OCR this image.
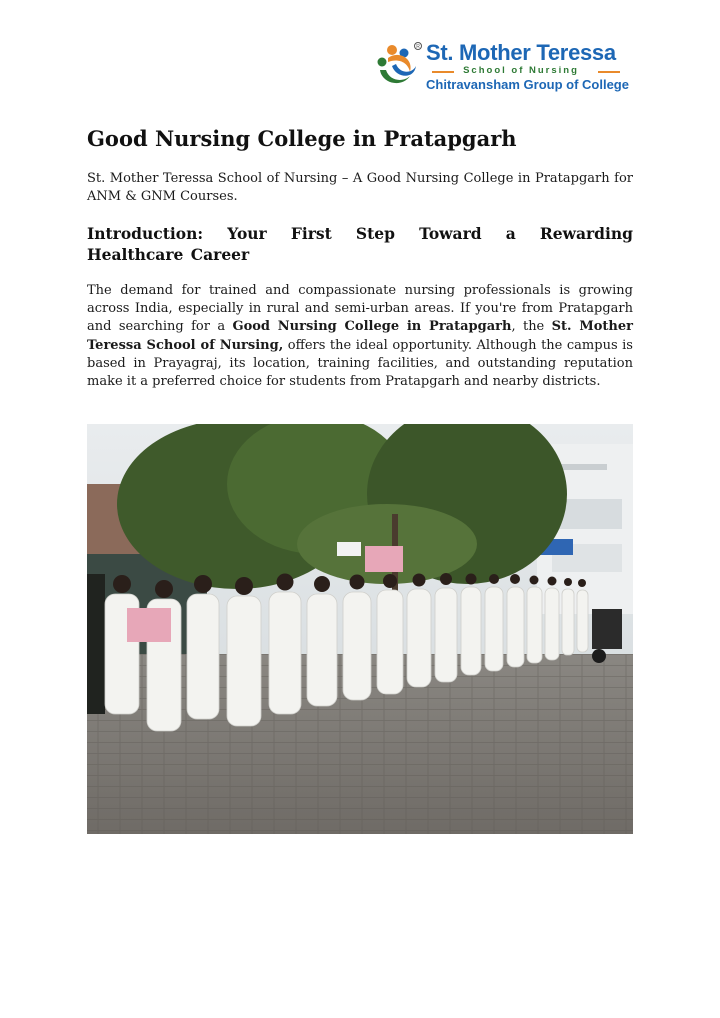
R St. Mother Teressa
School of Nursing
Chitravansham Group of College
Good Nursing College in Pratapgarh

St. Mother Teressa School of Nursing – A Good Nursing College in Pratapgarh for ANM & GNM Courses.

Introduction: Your First Step Toward a Rewarding Healthcare Career

The demand for trained and compassionate nursing professionals is growing across India, especially in rural and semi-urban areas. If you're from Pratapgarh and searching for a Good Nursing College in Pratapgarh, the St. Mother Teressa School of Nursing, offers the ideal opportunity. Although the campus is based in Prayagraj, its location, training facilities, and outstanding reputation make it a preferred choice for students from Pratapgarh and nearby districts.
